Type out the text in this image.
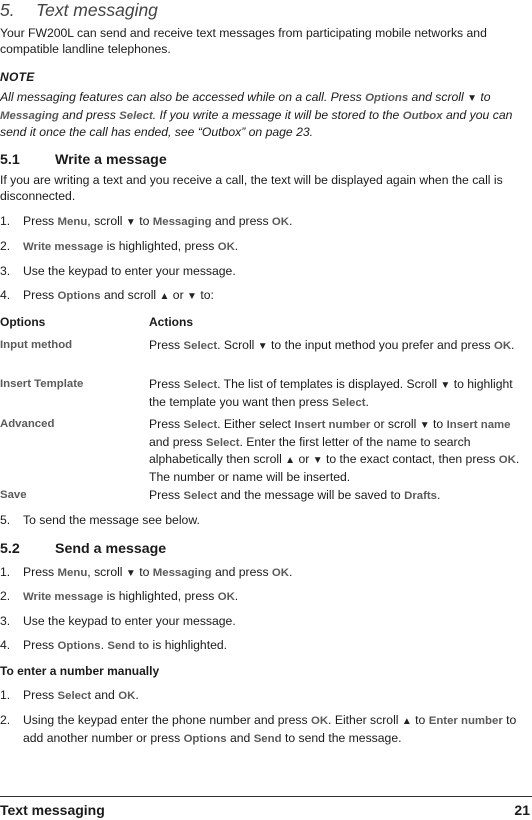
5. Text messaging

Your FW200L can send and receive text messages from participating mobile networks and compatible landline telephones.

NOTE

All messaging features can also be accessed while on a call. Press Options and scroll ▼ to Messaging and press Select. If you write a message it will be stored to the Outbox and you can send it once the call has ended, see “Outbox” on page 23.

5.1 Write a message

If you are writing a text and you receive a call, the text will be displayed again when the call is disconnected.

1. Press Menu, scroll ▼ to Messaging and press OK.
2. Write message is highlighted, press OK.
3. Use the keypad to enter your message.
4. Press Options and scroll ▲ or ▼ to:
Options	Actions
Input method	Press Select. Scroll ▼ to the input method you prefer and press OK.
Insert Template	Press Select. The list of templates is displayed. Scroll ▼ to highlight the template you want then press Select.
Advanced	Press Select. Either select Insert number or scroll ▼ to Insert name and press Select. Enter the first letter of the name to search alphabetically then scroll ▲ or ▼ to the exact contact, then press OK. The number or name will be inserted.
Save	Press Select and the message will be saved to Drafts.
5. To send the message see below.
5.2 Send a message
1. Press Menu, scroll ▼ to Messaging and press OK.
2. Write message is highlighted, press OK.
3. Use the keypad to enter your message.
4. Press Options. Send to is highlighted.
To enter a number manually
1. Press Select and OK.
2. Using the keypad enter the phone number and press OK. Either scroll ▲ to Enter number to add another number or press Options and Send to send the message.
Text messaging	21
